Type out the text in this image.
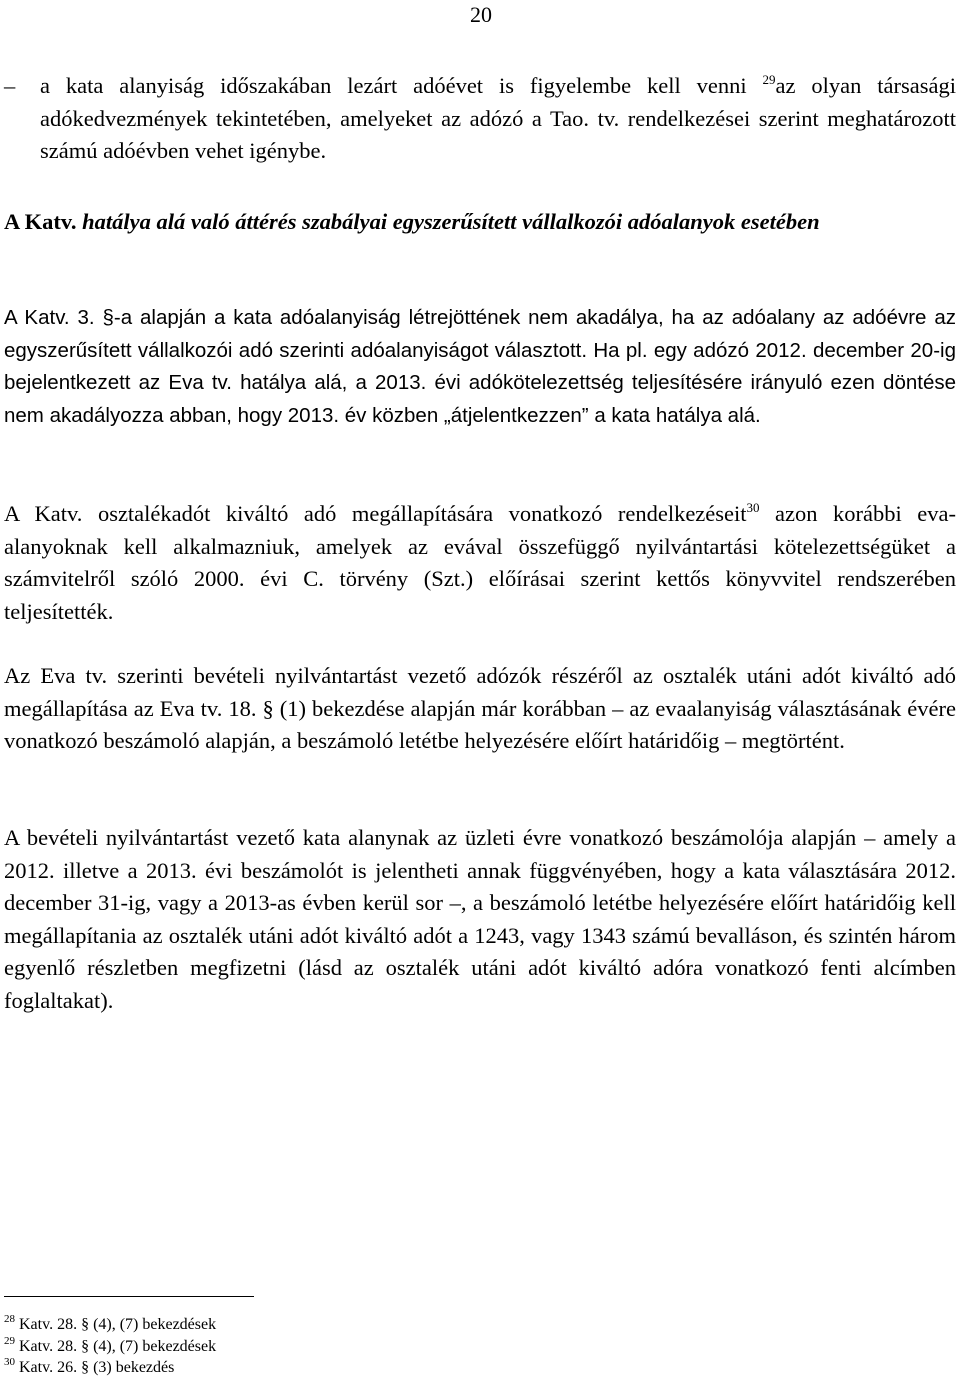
20
– a kata alanyiság időszakában lezárt adóévet is figyelembe kell venni $^{29}$az olyan társasági adókedvezmények tekintetében, amelyeket az adózó a Tao. tv. rendelkezései szerint meghatározott számú adóévben vehet igénybe.
A Katv. hatálya alá való áttérés szabályai egyszerűsített vállalkozói adóalanyok esetében

A Katv. 3. §-a alapján a kata adóalanyiság létrejöttének nem akadálya, ha az adóalany az adóévre az egyszerűsített vállalkozói adó szerinti adóalanyiságot választott. Ha pl. egy adózó 2012. december 20-ig bejelentkezett az Eva tv. hatálya alá, a 2013. évi adókötelezettség teljesítésére irányuló ezen döntése nem akadályozza abban, hogy 2013. év közben „átjelentkezzen” a kata hatálya alá.

A Katv. osztalékadót kiváltó adó megállapítására vonatkozó rendelkezéseit$^{30}$ azon korábbi eva-alanyoknak kell alkalmazniuk, amelyek az evával összefüggő nyilvántartási kötelezettségüket a számvitelről szóló 2000. évi C. törvény (Szt.) előírásai szerint kettős könyvvitel rendszerében teljesítették.

Az Eva tv. szerinti bevételi nyilvántartást vezető adózók részéről az osztalék utáni adót kiváltó adó megállapítása az Eva tv. 18. § (1) bekezdése alapján már korábban – az evaalanyiság választásának évére vonatkozó beszámoló alapján, a beszámoló letétbe helyezésére előírt határidőig – megtörtént.

A bevételi nyilvántartást vezető kata alanynak az üzleti évre vonatkozó beszámolója alapján – amely a 2012. illetve a 2013. évi beszámolót is jelentheti annak függvényében, hogy a kata választására 2012. december 31-ig, vagy a 2013-as évben kerül sor –, a beszámoló letétbe helyezésére előírt határidőig kell megállapítania az osztalék utáni adót kiváltó adót a 1243, vagy 1343 számú bevalláson, és szintén három egyenlő részletben megfizetni (lásd az osztalék utáni adót kiváltó adóra vonatkozó fenti alcímben foglaltakat).

$^{28}$ Katv. 28. § (4), (7) bekezdések
$^{29}$ Katv. 28. § (4), (7) bekezdések
$^{30}$ Katv. 26. § (3) bekezdés
